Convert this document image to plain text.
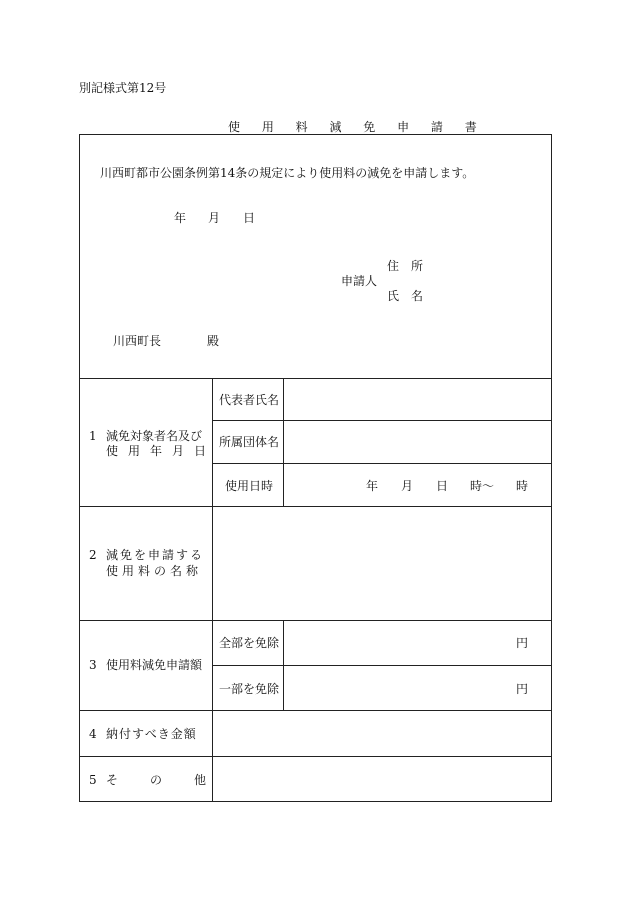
別記様式第12号
使 用 料 減 免 申 請 書
川西町都市公園条例第14条の規定により使用料の減免を申請します。
年 月 日
住　所
申請人
氏　名
川西町長	殿
1 減免対象者名及び
使　用　年　月　日
代表者氏名
所属団体名
使用日時	年 月 日 時〜 時
2 減免を申請する
使用料の名称
3 使用料減免申請額
全部を免除	円
一部を免除	円
4 納付すべき金額
5 そ	の	他
